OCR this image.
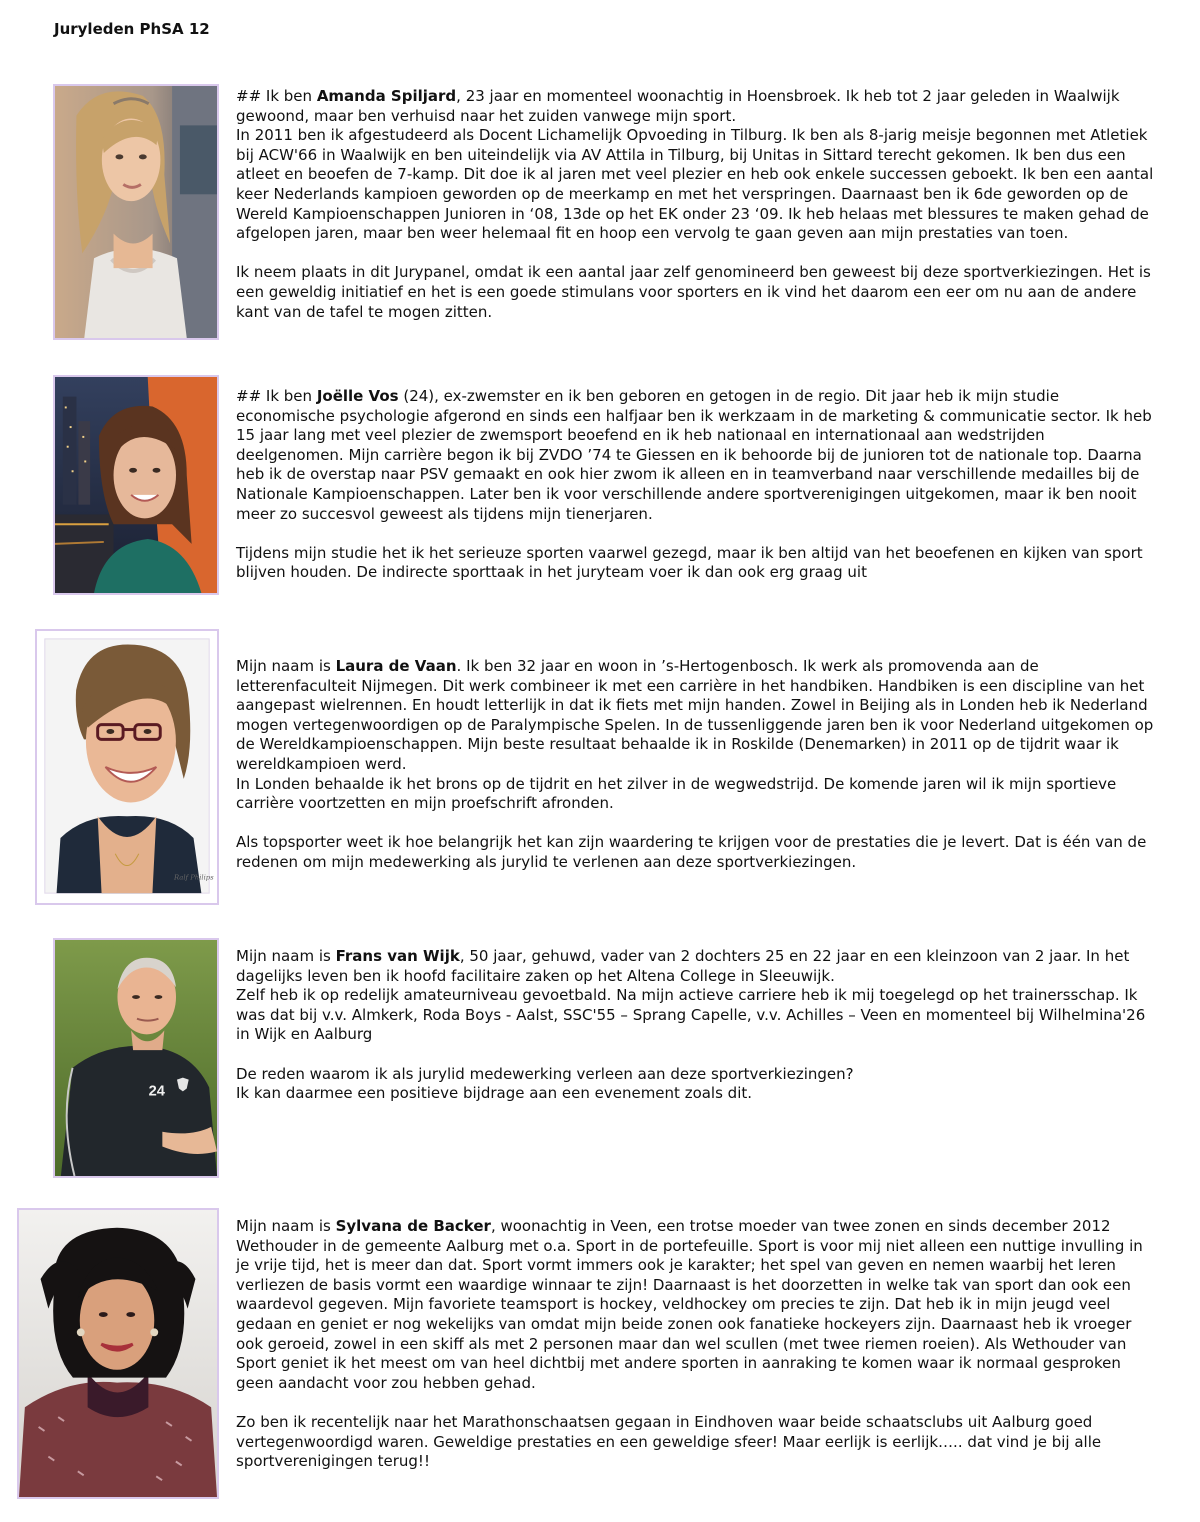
Juryleden PhSA 12

## Ik ben Amanda Spiljard, 23 jaar en momenteel woonachtig in Hoensbroek. Ik heb tot 2 jaar geleden in Waalwijk gewoond, maar ben verhuisd naar het zuiden vanwege mijn sport.
In 2011 ben ik afgestudeerd als Docent Lichamelijk Opvoeding in Tilburg. Ik ben als 8-jarig meisje begonnen met Atletiek bij ACW'66 in Waalwijk en ben uiteindelijk via AV Attila in Tilburg, bij Unitas in Sittard terecht gekomen. Ik ben dus een atleet en beoefen de 7-kamp. Dit doe ik al jaren met veel plezier en heb ook enkele successen geboekt. Ik ben een aantal keer Nederlands kampioen geworden op de meerkamp en met het verspringen. Daarnaast ben ik 6de geworden op de Wereld Kampioenschappen Junioren in ‘08, 13de op het EK onder 23 ‘09. Ik heb helaas met blessures te maken gehad de afgelopen jaren, maar ben weer helemaal fit en hoop een vervolg te gaan geven aan mijn prestaties van toen.

Ik neem plaats in dit Jurypanel, omdat ik een aantal jaar zelf genomineerd ben geweest bij deze sportverkiezingen. Het is een geweldig initiatief en het is een goede stimulans voor sporters en ik vind het daarom een eer om nu aan de andere kant van de tafel te mogen zitten.

## Ik ben Joëlle Vos (24), ex-zwemster en ik ben geboren en getogen in de regio. Dit jaar heb ik mijn studie economische psychologie afgerond en sinds een halfjaar ben ik werkzaam in de marketing & communicatie sector. Ik heb 15 jaar lang met veel plezier de zwemsport beoefend en ik heb nationaal en internationaal aan wedstrijden deelgenomen. Mijn carrière begon ik bij ZVDO ’74 te Giessen en ik behoorde bij de junioren tot de nationale top. Daarna heb ik de overstap naar PSV gemaakt en ook hier zwom ik alleen en in teamverband naar verschillende medailles bij de Nationale Kampioenschappen. Later ben ik voor verschillende andere sportverenigingen uitgekomen, maar ik ben nooit meer zo succesvol geweest als tijdens mijn tienerjaren.

Tijdens mijn studie het ik het serieuze sporten vaarwel gezegd, maar ik ben altijd van het beoefenen en kijken van sport blijven houden. De indirecte sporttaak in het juryteam voer ik dan ook erg graag uit

Ralf Philips

Mijn naam is Laura de Vaan. Ik ben 32 jaar en woon in ’s-Hertogenbosch. Ik werk als promovenda aan de letterenfaculteit Nijmegen. Dit werk combineer ik met een carrière in het handbiken. Handbiken is een discipline van het aangepast wielrennen. En houdt letterlijk in dat ik fiets met mijn handen. Zowel in Beijing als in Londen heb ik Nederland mogen vertegenwoordigen op de Paralympische Spelen. In de tussenliggende jaren ben ik voor Nederland uitgekomen op de Wereldkampioenschappen. Mijn beste resultaat behaalde ik in Roskilde (Denemarken) in 2011 op de tijdrit waar ik wereldkampioen werd.
In Londen behaalde ik het brons op de tijdrit en het zilver in de wegwedstrijd. De komende jaren wil ik mijn sportieve carrière voortzetten en mijn proefschrift afronden.

Als topsporter weet ik hoe belangrijk het kan zijn waardering te krijgen voor de prestaties die je levert. Dat is één van de redenen om mijn medewerking als jurylid te verlenen aan deze sportverkiezingen.

24

Mijn naam is Frans van Wijk, 50 jaar, gehuwd, vader van 2 dochters 25 en 22 jaar en een kleinzoon van 2 jaar. In het dagelijks leven ben ik hoofd facilitaire zaken op het Altena College in Sleeuwijk.
Zelf heb ik op redelijk amateurniveau gevoetbald. Na mijn actieve carriere heb ik mij toegelegd op het trainersschap. Ik was dat bij v.v. Almkerk, Roda Boys - Aalst, SSC'55 – Sprang Capelle, v.v. Achilles – Veen en momenteel bij Wilhelmina'26 in Wijk en Aalburg

De reden waarom ik als jurylid medewerking verleen aan deze sportverkiezingen?
Ik kan daarmee een positieve bijdrage aan een evenement zoals dit.

Mijn naam is Sylvana de Backer, woonachtig in Veen, een trotse moeder van twee zonen en sinds december 2012 Wethouder in de gemeente Aalburg met o.a. Sport in de portefeuille. Sport is voor mij niet alleen een nuttige invulling in je vrije tijd, het is meer dan dat. Sport vormt immers ook je karakter; het spel van geven en nemen waarbij het leren verliezen de basis vormt een waardige winnaar te zijn! Daarnaast is het doorzetten in welke tak van sport dan ook een waardevol gegeven. Mijn favoriete teamsport is hockey, veldhockey om precies te zijn. Dat heb ik in mijn jeugd veel gedaan en geniet er nog wekelijks van omdat mijn beide zonen ook fanatieke hockeyers zijn. Daarnaast heb ik vroeger ook geroeid, zowel in een skiff als met 2 personen maar dan wel scullen (met twee riemen roeien). Als Wethouder van Sport geniet ik het meest om van heel dichtbij met andere sporten in aanraking te komen waar ik normaal gesproken geen aandacht voor zou hebben gehad.

Zo ben ik recentelijk naar het Marathonschaatsen gegaan in Eindhoven waar beide schaatsclubs uit Aalburg goed vertegenwoordigd waren. Geweldige prestaties en een geweldige sfeer! Maar eerlijk is eerlijk….. dat vind je bij alle sportverenigingen terug!!
